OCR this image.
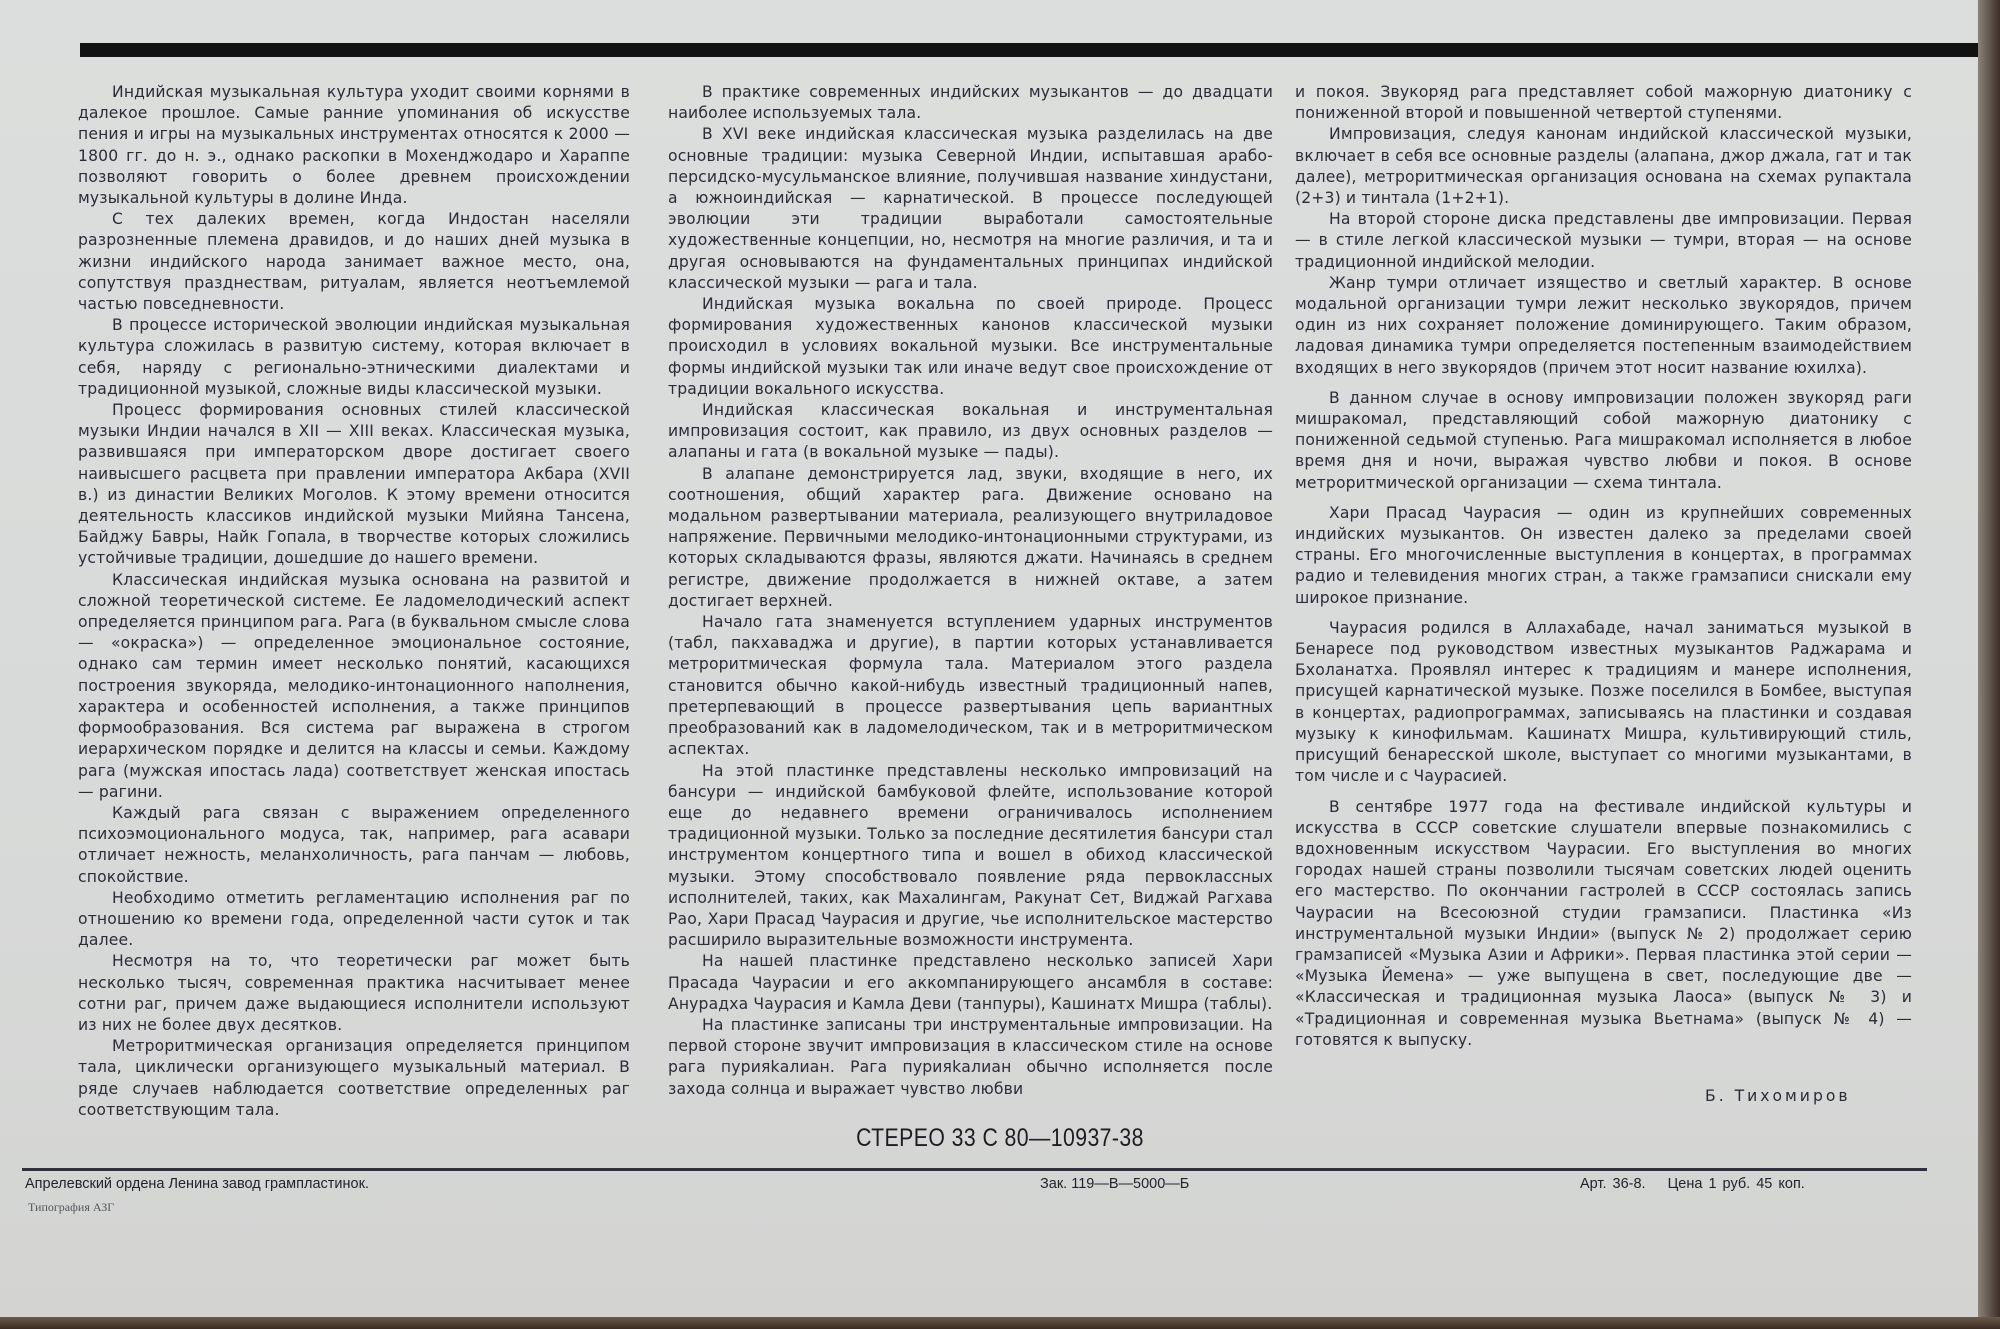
Индийская музыкальная культура уходит своими корнями в далекое прошлое. Самые ранние упоминания об искусстве пения и игры на музыкальных инструментах относятся к 2000 — 1800 гг. до н. э., однако раскопки в Мохенджодаро и Хараппе позволяют говорить о более древнем происхождении музыкальной культуры в долине Инда.

С тех далеких времен, когда Индостан населяли разрозненные племена дравидов, и до наших дней музыка в жизни индийского народа занимает важное место, она, сопутствуя празднествам, ритуалам, является неотъемлемой частью повседневности.

В процессе исторической эволюции индийская музыкальная культура сложилась в развитую систему, которая включает в себя, наряду с регионально-этническими диалектами и традиционной музыкой, сложные виды классической музыки.

Процесс формирования основных стилей классической музыки Индии начался в XII — XIII веках. Классическая музыка, развившаяся при императорском дворе достигает своего наивысшего расцвета при правлении императора Акбара (XVII в.) из династии Великих Моголов. К этому времени относится деятельность классиков индийской музыки Мийяна Тансена, Байджу Бавры, Найк Гопала, в творчестве которых сложились устойчивые традиции, дошедшие до нашего времени.

Классическая индийская музыка основана на развитой и сложной теоретической системе. Ее ладомелодический аспект определяется принципом рага. Рага (в буквальном смысле слова — «окраска») — определенное эмоциональное состояние, однако сам термин имеет несколько понятий, касающихся построения звукоряда, мелодико-интонационного наполнения, характера и особенностей исполнения, а также принципов формообразования. Вся система раг выражена в строгом иерархическом порядке и делится на классы и семьи. Каждому рага (мужская ипостась лада) соответствует женская ипостась — рагини.

Каждый рага связан с выражением определенного психоэмоционального модуса, так, например, рага асавари отличает нежность, меланхоличность, рага панчам — любовь, спокойствие.

Необходимо отметить регламентацию исполнения раг по отношению ко времени года, определенной части суток и так далее.

Несмотря на то, что теоретически раг может быть несколько тысяч, современная практика насчитывает менее сотни раг, причем даже выдающиеся исполнители используют из них не более двух десятков.

Метроритмическая организация определяется принципом тала, циклически организующего музыкальный материал. В ряде случаев наблюдается соответствие определенных раг соответствующим тала.

В практике современных индийских музыкантов — до двадцати наиболее используемых тала.

В XVI веке индийская классическая музыка разделилась на две основные традиции: музыка Северной Индии, испытавшая арабо-персидско-мусульманское влияние, получившая название хиндустани, а южноиндийская — карнатической. В процессе последующей эволюции эти традиции выработали самостоятельные художественные концепции, но, несмотря на многие различия, и та и другая основываются на фундаментальных принципах индийской классической музыки — рага и тала.

Индийская музыка вокальна по своей природе. Процесс формирования художественных канонов классической музыки происходил в условиях вокальной музыки. Все инструментальные формы индийской музыки так или иначе ведут свое происхождение от традиции вокального искусства.

Индийская классическая вокальная и инструментальная импровизация состоит, как правило, из двух основных разделов — алапаны и гата (в вокальной музыке — пады).

В алапане демонстрируется лад, звуки, входящие в него, их соотношения, общий характер рага. Движение основано на модальном развертывании материала, реализующего внутриладовое напряжение. Первичными мелодико-интонационными структурами, из которых складываются фразы, являются джати. Начинаясь в среднем регистре, движение продолжается в нижней октаве, а затем достигает верхней.

Начало гата знаменуется вступлением ударных инструментов (табл, пакхаваджа и другие), в партии которых устанавливается метроритмическая формула тала. Материалом этого раздела становится обычно какой-нибудь известный традиционный напев, претерпевающий в процессе развертывания цепь вариантных преобразований как в ладомелодическом, так и в метроритмическом аспектах.

На этой пластинке представлены несколько импровизаций на бансури — индийской бамбуковой флейте, использование которой еще до недавнего времени ограничивалось исполнением традиционной музыки. Только за последние десятилетия бансури стал инструментом концертного типа и вошел в обиход классической музыки. Этому способствовало появление ряда первоклассных исполнителей, таких, как Махалингам, Ракунат Сет, Виджай Рагхава Рао, Хари Прасад Чаурасия и другие, чье исполнительское мастерство расширило выразительные возможности инструмента.

На нашей пластинке представлено несколько записей Хари Прасада Чаурасии и его аккомпанирующего ансамбля в составе: Анурадха Чаурасия и Камла Деви (танпуры), Кашинатх Мишра (таблы).

На пластинке записаны три инструментальные импровизации. На первой стороне звучит импровизация в классическом стиле на основе рага пурияkалиан. Рага пурияkалиан обычно исполняется после захода солнца и выражает чувство любви

и покоя. Звукоряд рага представляет собой мажорную диатонику с пониженной второй и повышенной четвертой ступенями.

Импровизация, следуя канонам индийской классической музыки, включает в себя все основные разделы (алапана, джор джала, гат и так далее), метроритмическая организация основана на схемах рупактала (2+3) и тинтала (1+2+1).

На второй стороне диска представлены две импровизации. Первая — в стиле легкой классической музыки — тумри, вторая — на основе традиционной индийской мелодии.

Жанр тумри отличает изящество и светлый характер. В основе модальной организации тумри лежит несколько звукорядов, причем один из них сохраняет положение доминирующего. Таким образом, ладовая динамика тумри определяется постепенным взаимодействием входящих в него звукорядов (причем этот носит название юхилха).

В данном случае в основу импровизации положен звукоряд раги мишракомал, представляющий собой мажорную диатонику с пониженной седьмой ступенью. Рага мишракомал исполняется в любое время дня и ночи, выражая чувство любви и покоя. В основе метроритмической организации — схема тинтала.

Хари Прасад Чаурасия — один из крупнейших современных индийских музыкантов. Он известен далеко за пределами своей страны. Его многочисленные выступления в концертах, в программах радио и телевидения многих стран, а также грамзаписи снискали ему широкое признание.

Чаурасия родился в Аллахабаде, начал заниматься музыкой в Бенаресе под руководством известных музыкантов Раджарама и Бхоланатха. Проявлял интерес к традициям и манере исполнения, присущей карнатической музыке. Позже поселился в Бомбее, выступая в концертах, радиопрограммах, записываясь на пластинки и создавая музыку к кинофильмам. Кашинатх Мишра, культивирующий стиль, присущий бенаресской школе, выступает со многими музыкантами, в том числе и с Чаурасией.

В сентябре 1977 года на фестивале индийской культуры и искусства в СССР советские слушатели впервые познакомились с вдохновенным искусством Чаурасии. Его выступления во многих городах нашей страны позволили тысячам советских людей оценить его мастерство. По окончании гастролей в СССР состоялась запись Чаурасии на Всесоюзной студии грамзаписи. Пластинка «Из инструментальной музыки Индии» (выпуск № 2) продолжает серию грамзаписей «Музыка Азии и Африки». Первая пластинка этой серии — «Музыка Йемена» — уже выпущена в свет, последующие две — «Классическая и традиционная музыка Лаоса» (выпуск № 3) и «Традиционная и современная музыка Вьетнама» (выпуск № 4) — готовятся к выпуску.

Б. Тихомиров
СТЕРЕО 33 С 80—10937-38
Апрелевский ордена Ленина завод грамплaстинок.	Зак. 119—В—5000—Б	Арт. 36-8. Цена 1 руб. 45 коп.
Типография АЗГ
